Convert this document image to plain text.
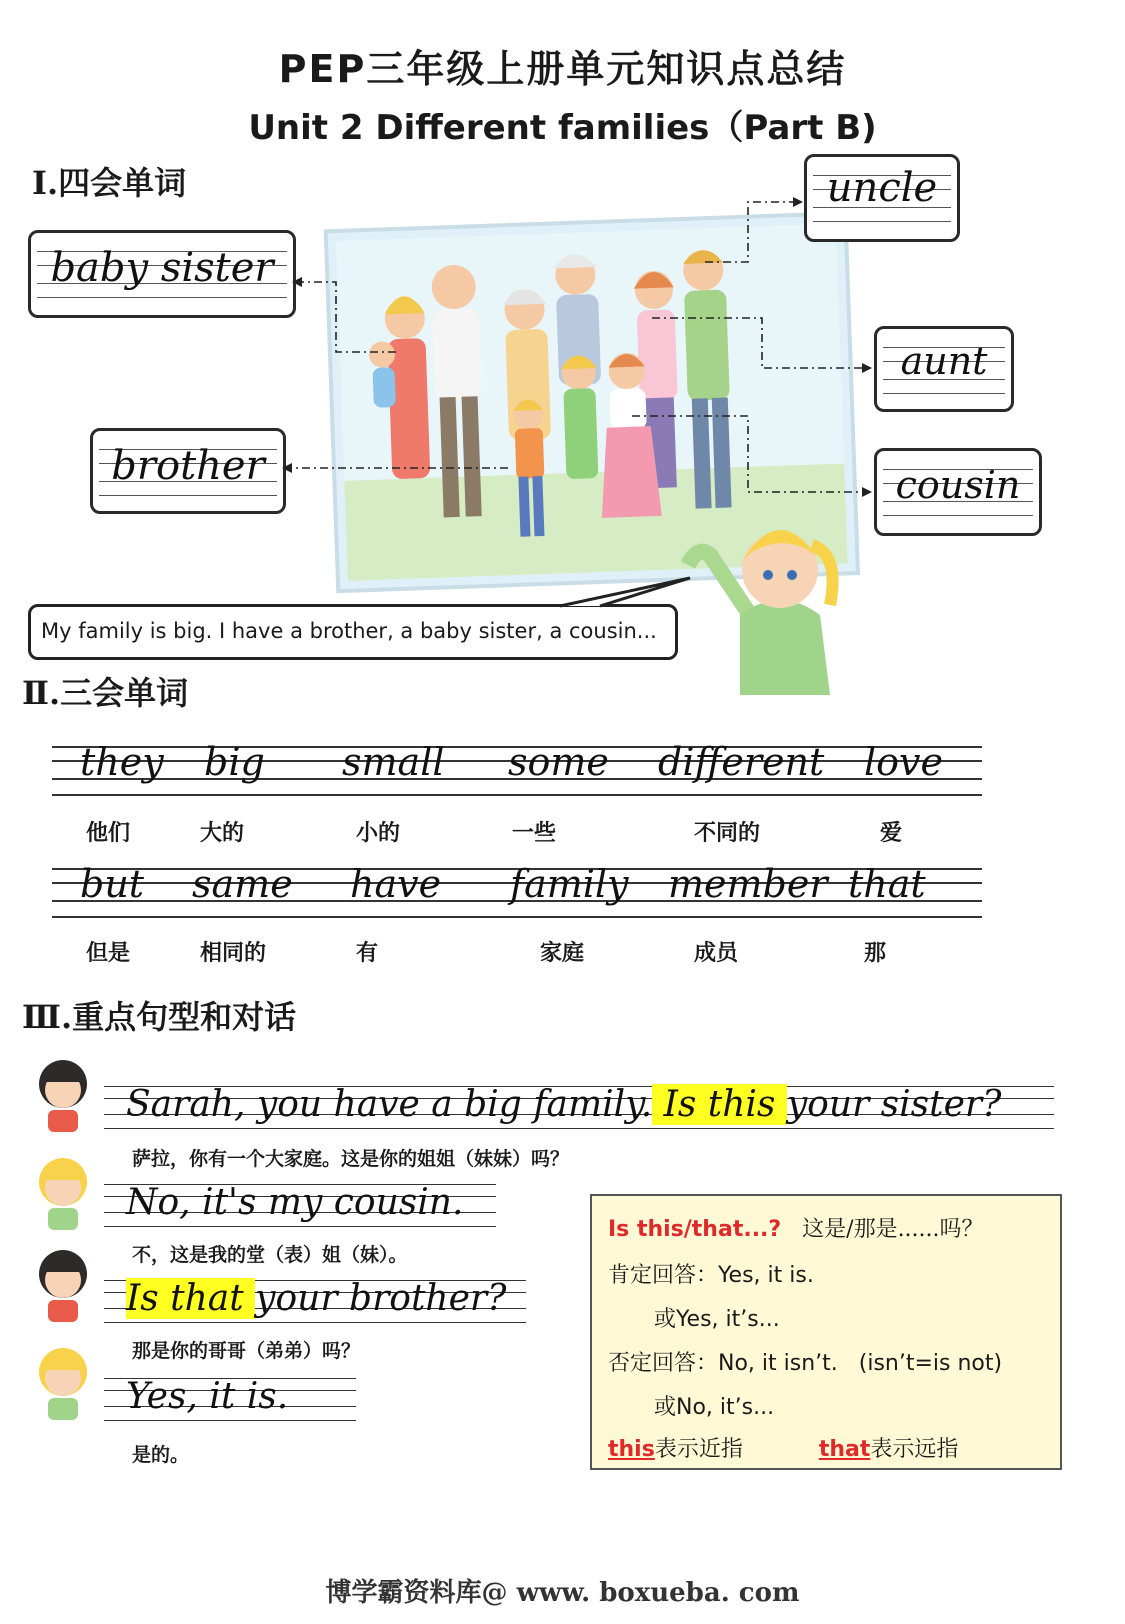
PEP三年级上册单元知识点总结
Unit 2 Different families（Part B)
Ⅰ.四会单词
baby sister
brother
uncle
aunt
cousin
My family is big. I have a brother, a baby sister, a cousin...
Ⅱ.三会单词
they big small some different love
他们	大的	小的	一些	不同的	爱
but same have family member that
但是	相同的	有	家庭	成员	那
Ⅲ.重点句型和对话
Sarah, you have a big family. Is this your sister?
萨拉，你有一个大家庭。这是你的姐姐（妹妹）吗？
No, it's my cousin.
不，这是我的堂（表）姐（妹）。
Is that your brother?
那是你的哥哥（弟弟）吗？
Yes, it is.
是的。
Is this/that...? 这是/那是......吗？
肯定回答：Yes, it is.
或Yes, it’s...
否定回答：No, it isn’t. (isn’t=is not)
或No, it’s...
this表示近指	that表示远指
博学霸资料库@ www. boxueba. com
